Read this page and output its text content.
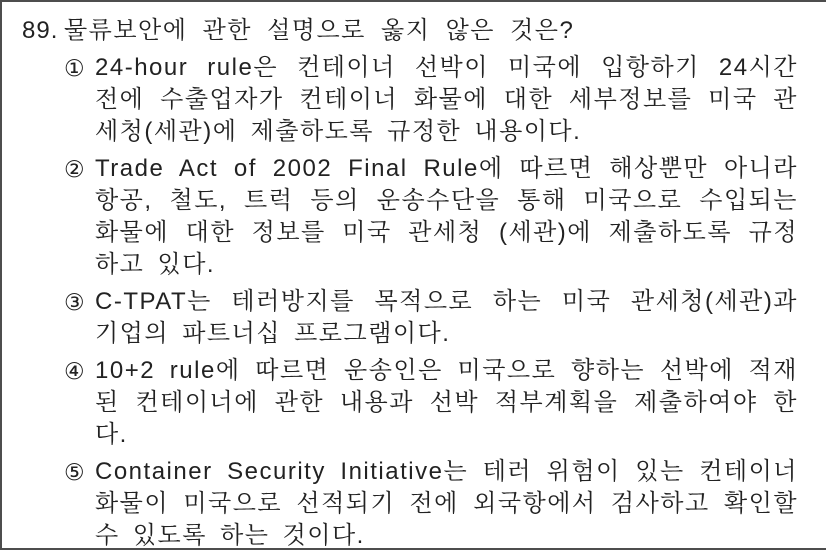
89. 물류보안에 관한 설명으로 옳지 않은 것은?
① 24-hour rule은 컨테이너 선박이 미국에 입항하기 24시간 전에 수출업자가 컨테이너 화물에 대한 세부정보를 미국 관세청(세관)에 제출하도록 규정한 내용이다.
② Trade Act of 2002 Final Rule에 따르면 해상뿐만 아니라 항공, 철도, 트럭 등의 운송수단을 통해 미국으로 수입되는 화물에 대한 정보를 미국 관세청 (세관)에 제출하도록 규정하고 있다.
③ C-TPAT는 테러방지를 목적으로 하는 미국 관세청(세관)과 기업의 파트너십 프로그램이다.
④ 10+2 rule에 따르면 운송인은 미국으로 향하는 선박에 적재된 컨테이너에 관한 내용과 선박 적부계획을 제출하여야 한다.
⑤ Container Security Initiative는 테러 위험이 있는 컨테이너 화물이 미국으로 선적되기 전에 외국항에서 검사하고 확인할 수 있도록 하는 것이다.
